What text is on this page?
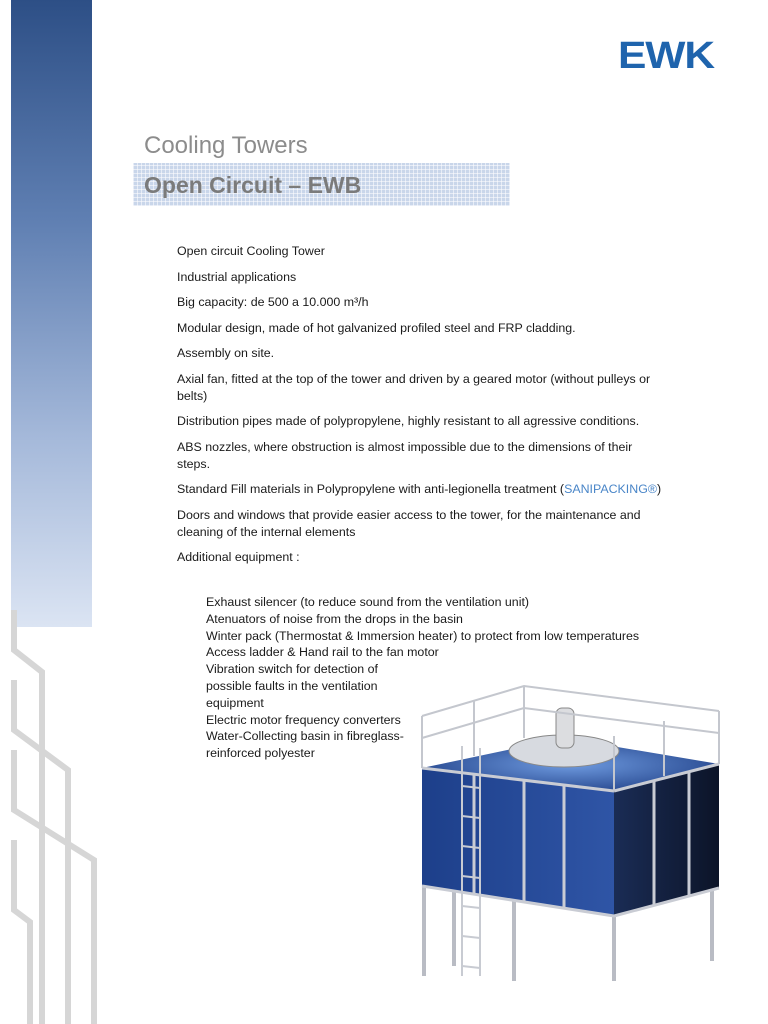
EWK
Cooling Towers
Open Circuit – EWB

Open circuit Cooling Tower

Industrial applications

Big capacity: de 500 a 10.000 m³/h

Modular design, made of hot galvanized profiled steel and FRP cladding.

Assembly on site.

Axial fan, fitted at the top of the tower and driven by a geared motor (without pulleys or belts)

Distribution pipes made of polypropylene, highly resistant to all agressive conditions.

ABS nozzles, where obstruction is almost impossible due to the dimensions of their steps.

Standard Fill materials in Polypropylene with anti-legionella treatment (SANIPACKING®)

Doors and windows that provide easier access to the tower, for the maintenance and cleaning of the internal elements

Additional equipment :

Exhaust silencer (to reduce sound from the ventilation unit)
Atenuators of noise from the drops in the basin
Winter pack (Thermostat & Immersion heater) to protect from low temperatures
Access ladder & Hand rail to the fan motor
Vibration switch for detection of possible faults in the ventilation equipment
Electric motor frequency converters
Water-Collecting basin in fibreglass-reinforced polyester
